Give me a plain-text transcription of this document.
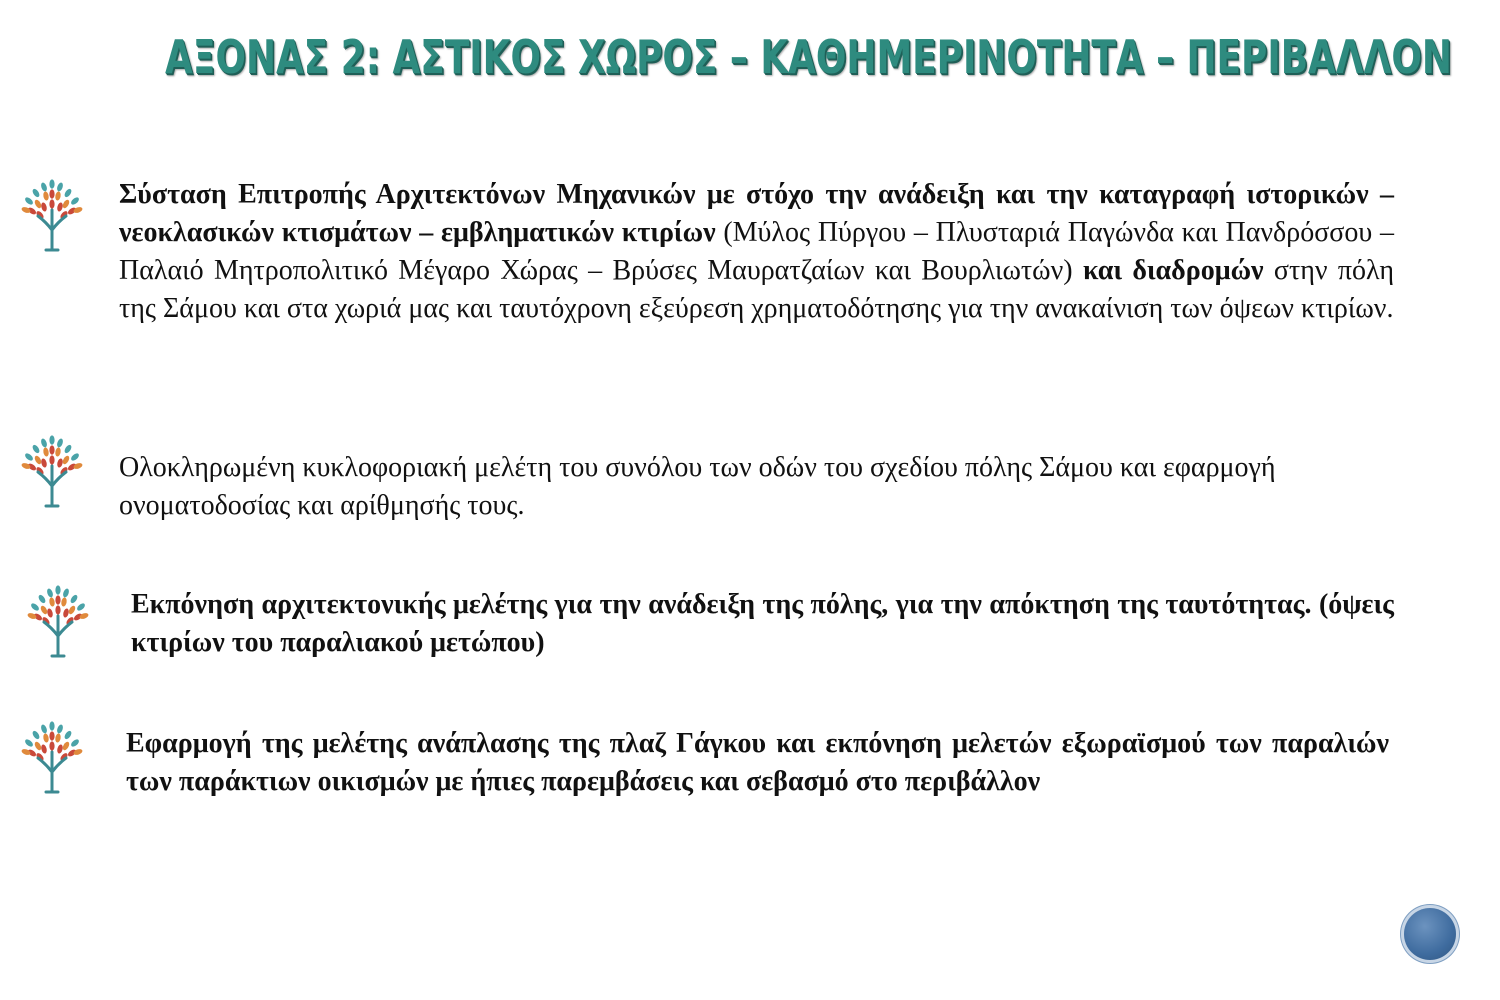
ΑΞΟΝΑΣ 2: ΑΣΤΙΚΟΣ ΧΩΡΟΣ – ΚΑΘΗΜΕΡΙΝΟΤΗΤΑ – ΠΕΡΙΒΑΛΛΟΝ
Σύσταση Επιτροπής Αρχιτεκτόνων Μηχανικών με στόχο την ανάδειξη και την καταγραφή ιστορικών – νεοκλασικών κτισμάτων – εμβληματικών κτιρίων (Μύλος Πύργου – Πλυσταριά Παγώνδα και Πανδρόσσου – Παλαιό Μητροπολιτικό Μέγαρο Χώρας – Βρύσες Μαυρατζαίων και Βουρλιωτών) και διαδρομών στην πόλη της Σάμου και στα χωριά μας και ταυτόχρονη εξεύρεση χρηματοδότησης για την ανακαίνιση των όψεων κτιρίων.
Ολοκληρωμένη κυκλοφοριακή μελέτη του συνόλου των οδών του σχεδίου πόλης Σάμου και εφαρμογή ονοματοδοσίας και αρίθμησής τους.
Εκπόνηση αρχιτεκτονικής μελέτης για την ανάδειξη της πόλης, για την απόκτηση της ταυτότητας. (όψεις κτιρίων του παραλιακού μετώπου)
Εφαρμογή της μελέτης ανάπλασης της πλαζ Γάγκου και εκπόνηση μελετών εξωραϊσμού των παραλιών των παράκτιων οικισμών με ήπιες παρεμβάσεις και σεβασμό στο περιβάλλον
